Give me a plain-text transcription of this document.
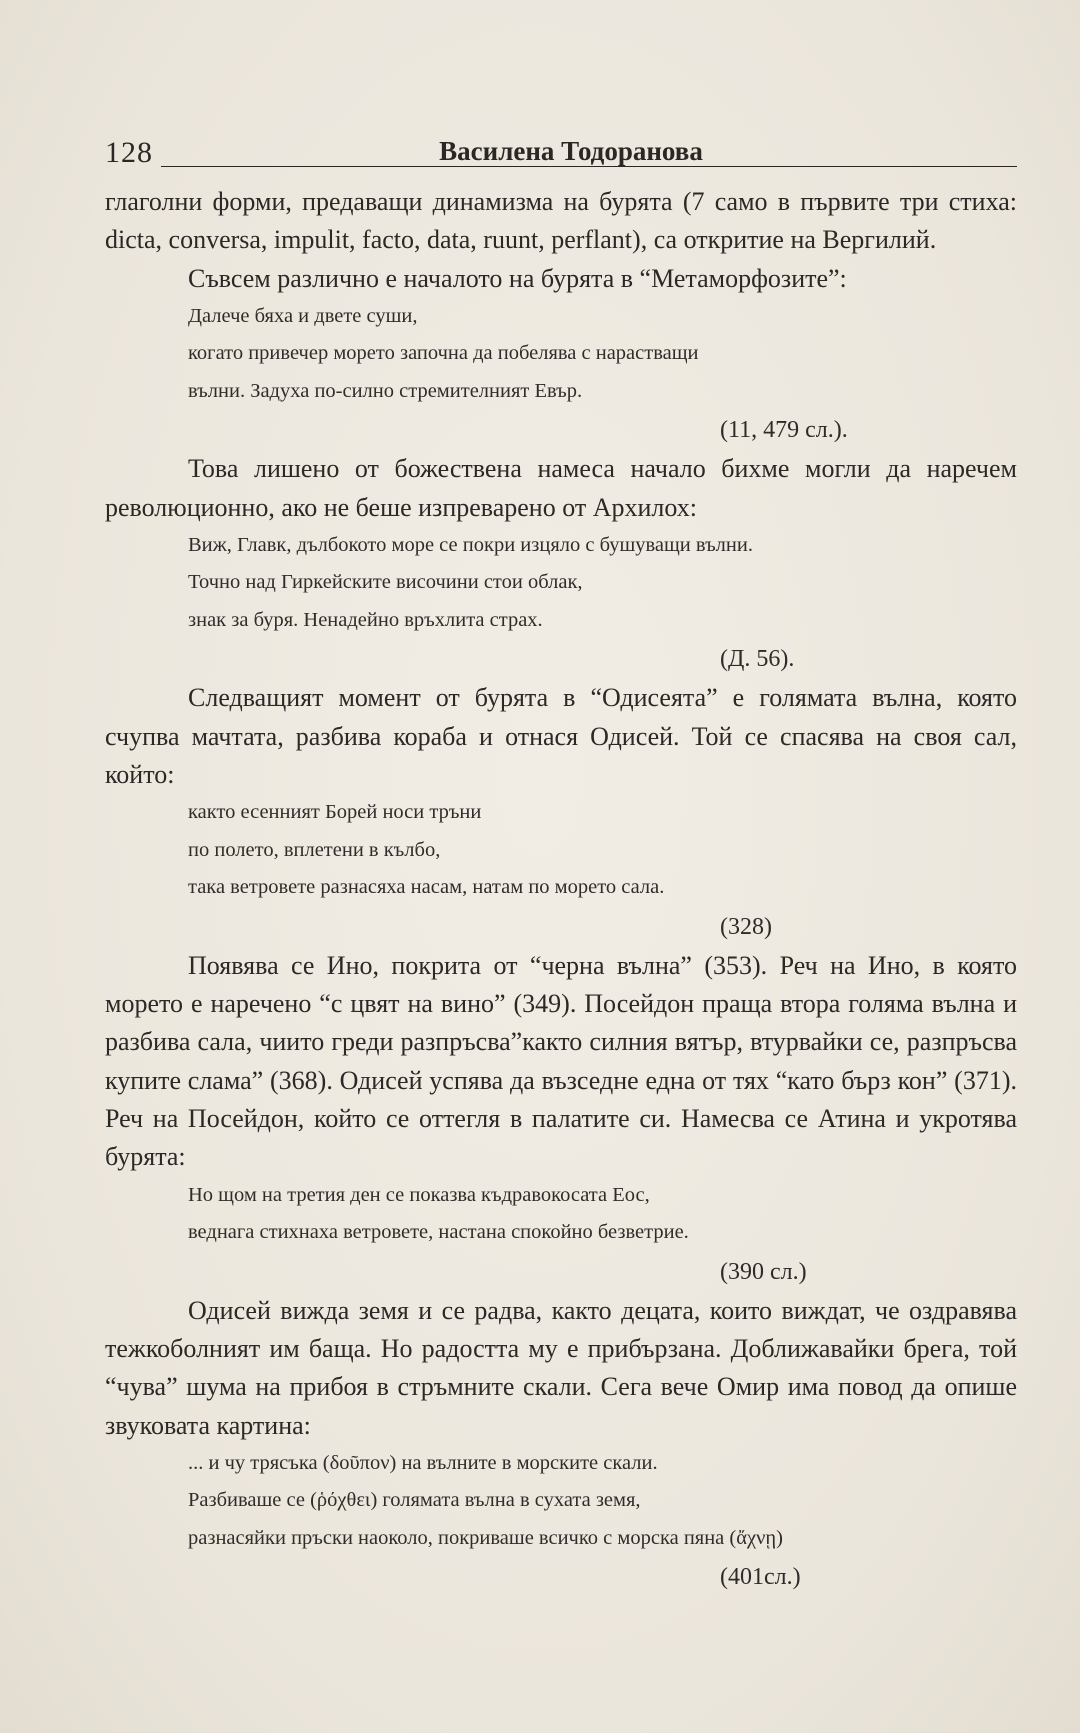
128	Василена Тодоранова

глаголни форми, предаващи динамизма на бурята (7 само в първите три стиха: dicta, conversa, impulit, facto, data, ruunt, perflant), са откритие на Вергилий.

Съвсем различно е началото на бурята в “Метаморфозите”:

Далече бяха и двете суши,

когато привечер морето започна да побелява с нарастващи

вълни. Задуха по-силно стремителният Евър.

(11, 479 сл.).

Това лишено от божествена намеса начало бихме могли да наречем революционно, ако не беше изпреварено от Архилох:

Виж, Главк, дълбокото море се покри изцяло с бушуващи вълни.

Точно над Гиркейските височини стои облак,

знак за буря. Ненадейно връхлита страх.

(Д. 56).

Следващият момент от бурята в “Одисеята” е голямата вълна, която счупва мачтата, разбива кораба и отнася Одисей. Той се спасява на своя сал, който:

както есенният Борей носи тръни

по полето, вплетени в кълбо,

така ветровете разнасяха насам, натам по морето сала.

(328)

Появява се Ино, покрита от “черна вълна” (353). Реч на Ино, в която морето е наречено “с цвят на вино” (349). Посейдон праща втора голяма вълна и разбива сала, чиито греди разпръсва”както силния вятър, втурвайки се, разпръсва купите слама” (368). Одисей успява да възседне една от тях “като бърз кон” (371). Реч на Посейдон, който се оттегля в палатите си. Намесва се Атина и укротява бурята:

Но щом на третия ден се показва къдравокосата Еос,

веднага стихнаха ветровете, настана спокойно безветрие.

(390 сл.)

Одисей вижда земя и се радва, както децата, които виждат, че оздравява тежкоболният им баща. Но радостта му е прибързана. Доближавайки брега, той “чува” шума на прибоя в стръмните скали. Сега вече Омир има повод да опише звуковата картина:

... и чу трясъка (δοῦπον) на вълните в морските скали.

Разбиваше се (ῥόχθει) голямата вълна в сухата земя,

разнасяйки пръски наоколо, покриваше всичко с морска пяна (ἄχνῃ)

(401сл.)
